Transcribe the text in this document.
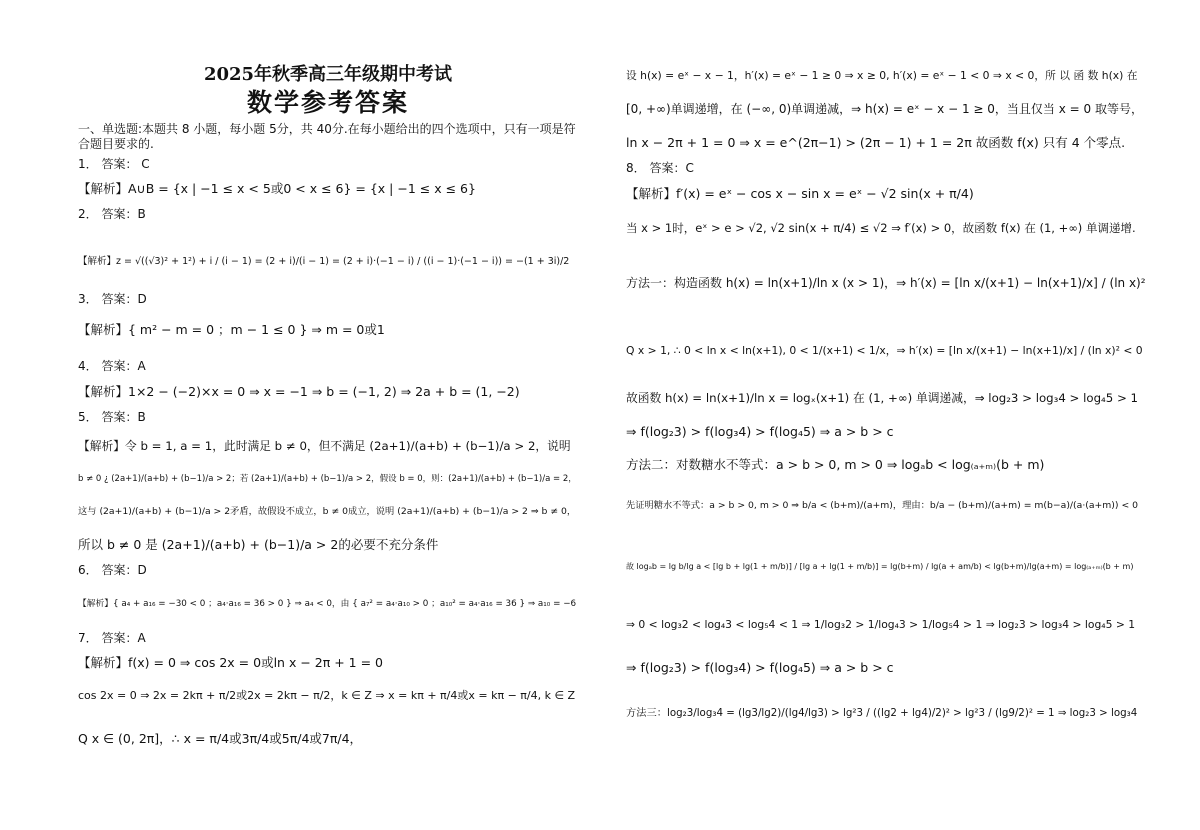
2025年秋季高三年级期中考试
数学参考答案
一、单选题:本题共 8 小题，每小题 5分，共 40分.在每小题给出的四个选项中，只有一项是符合题目要求的.
1． 答案： C
【解析】A∪B = {x | −1 ≤ x < 5或0 < x ≤ 6} = {x | −1 ≤ x ≤ 6}
2． 答案：B
【解析】z = √((√3)² + 1²) + i / (i − 1) = (2 + i)/(i − 1) = (2 + i)·(−1 − i) / ((i − 1)·(−1 − i)) = −(1 + 3i)/2
3． 答案：D
【解析】{ m² − m = 0 ；m − 1 ≤ 0 } ⇒ m = 0或1
4． 答案：A
【解析】1×2 − (−2)×x = 0 ⇒ x = −1 ⇒ b = (−1, 2) ⇒ 2a + b = (1, −2)
5． 答案：B
【解析】令 b = 1, a = 1，此时满足 b ≠ 0，但不满足 (2a+1)/(a+b) + (b−1)/a > 2，说明
b ≠ 0 ¿ (2a+1)/(a+b) + (b−1)/a > 2；若 (2a+1)/(a+b) + (b−1)/a > 2，假设 b = 0，则：(2a+1)/(a+b) + (b−1)/a = 2，
这与 (2a+1)/(a+b) + (b−1)/a > 2矛盾，故假设不成立，b ≠ 0成立，说明 (2a+1)/(a+b) + (b−1)/a > 2 ⇒ b ≠ 0，
所以 b ≠ 0 是 (2a+1)/(a+b) + (b−1)/a > 2的必要不充分条件
6． 答案：D
【解析】{ a₄ + a₁₆ = −30 < 0 ；a₄·a₁₆ = 36 > 0 } ⇒ a₄ < 0，由 { a₇² = a₄·a₁₀ > 0 ；a₁₀² = a₄·a₁₆ = 36 } ⇒ a₁₀ = −6
7． 答案：A
【解析】f(x) = 0 ⇒ cos 2x = 0或ln x − 2π + 1 = 0
cos 2x = 0 ⇒ 2x = 2kπ + π/2或2x = 2kπ − π/2，k ∈ Z ⇒ x = kπ + π/4或x = kπ − π/4, k ∈ Z
Q x ∈ (0, 2π]，∴ x = π/4或3π/4或5π/4或7π/4，
设 h(x) = eˣ − x − 1，h′(x) = eˣ − 1 ≥ 0 ⇒ x ≥ 0, h′(x) = eˣ − 1 < 0 ⇒ x < 0，所 以 函 数 h(x) 在
[0, +∞)单调递增，在 (−∞, 0)单调递减，⇒ h(x) = eˣ − x − 1 ≥ 0，当且仅当 x = 0 取等号，
ln x − 2π + 1 = 0 ⇒ x = e^(2π−1) > (2π − 1) + 1 = 2π 故函数 f(x) 只有 4 个零点.
8． 答案：C
【解析】f′(x) = eˣ − cos x − sin x = eˣ − √2 sin(x + π/4)
当 x > 1时，eˣ > e > √2, √2 sin(x + π/4) ≤ √2 ⇒ f′(x) > 0，故函数 f(x) 在 (1, +∞) 单调递增.
方法一：构造函数 h(x) = ln(x+1)/ln x (x > 1)，⇒ h′(x) = [ln x/(x+1) − ln(x+1)/x] / (ln x)²
Q x > 1, ∴ 0 < ln x < ln(x+1), 0 < 1/(x+1) < 1/x，⇒ h′(x) = [ln x/(x+1) − ln(x+1)/x] / (ln x)² < 0
故函数 h(x) = ln(x+1)/ln x = logₓ(x+1) 在 (1, +∞) 单调递减，⇒ log₂3 > log₃4 > log₄5 > 1
⇒ f(log₂3) > f(log₃4) > f(log₄5) ⇒ a > b > c
方法二：对数糖水不等式：a > b > 0, m > 0 ⇒ logₐb < log₍ₐ₊ₘ₎(b + m)
先证明糖水不等式：a > b > 0, m > 0 ⇒ b/a < (b+m)/(a+m)，理由：b/a − (b+m)/(a+m) = m(b−a)/(a·(a+m)) < 0
故 logₐb = lg b/lg a < [lg b + lg(1 + m/b)] / [lg a + lg(1 + m/b)] = lg(b+m) / lg(a + am/b) < lg(b+m)/lg(a+m) = log₍ₐ₊ₘ₎(b + m)
⇒ 0 < log₃2 < log₄3 < log₅4 < 1 ⇒ 1/log₃2 > 1/log₄3 > 1/log₅4 > 1 ⇒ log₂3 > log₃4 > log₄5 > 1
⇒ f(log₂3) > f(log₃4) > f(log₄5) ⇒ a > b > c
方法三：log₂3/log₃4 = (lg3/lg2)/(lg4/lg3) > lg²3 / ((lg2 + lg4)/2)² > lg²3 / (lg9/2)² = 1 ⇒ log₂3 > log₃4
